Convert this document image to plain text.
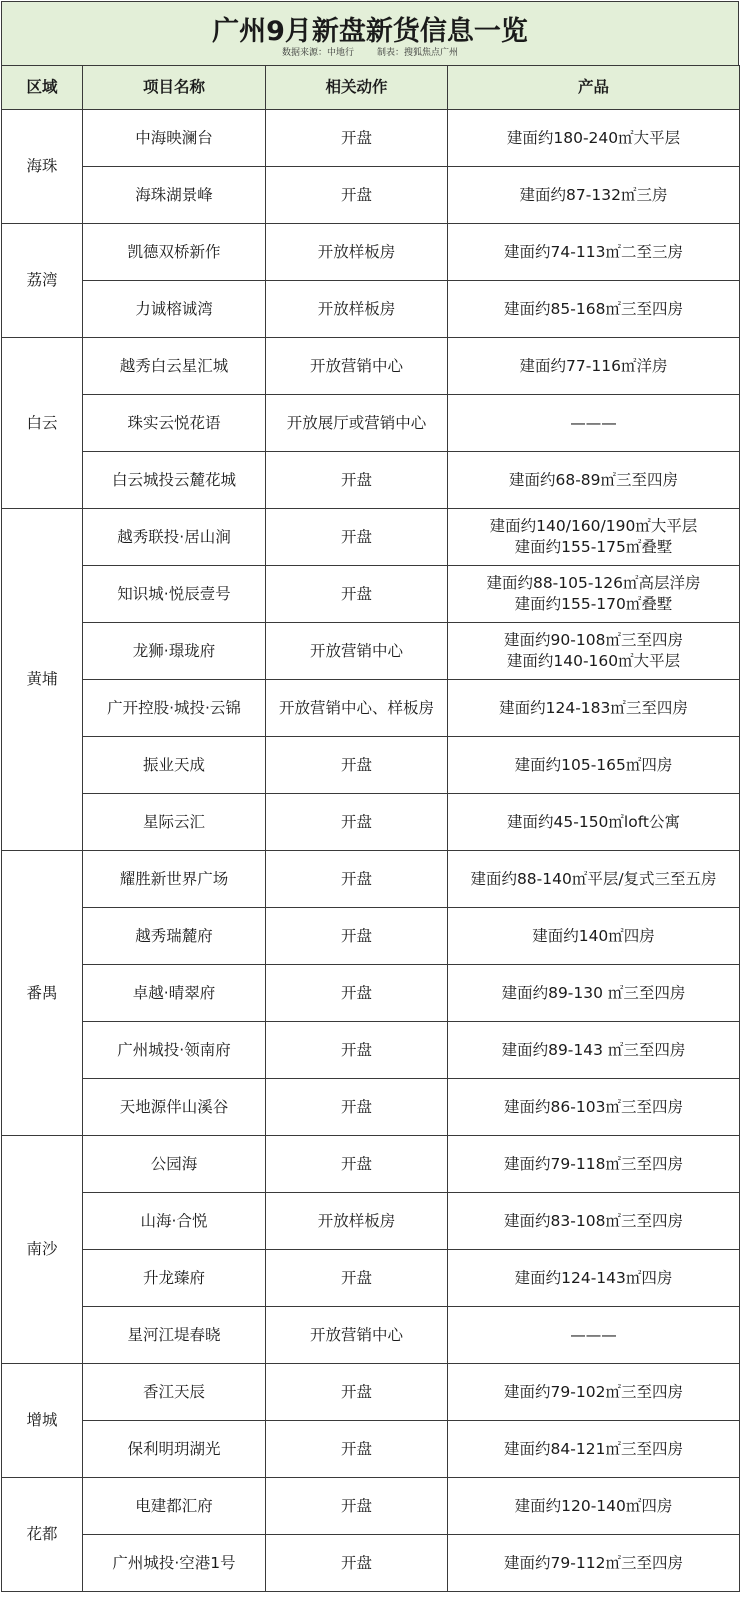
广州9月新盘新货信息一览
数据来源：中地行	制表：搜狐焦点广州
区域	项目名称	相关动作	产品
海珠	中海映澜台	开盘	建面约180-240㎡大平层

	海珠湖景峰	开盘	建面约87-132㎡三房

荔湾	凯德双桥新作	开放样板房	建面约74-113㎡二至三房

	力诚榕诚湾	开放样板房	建面约85-168㎡三至四房

白云	越秀白云星汇城	开放营销中心	建面约77-116㎡洋房

	珠实云悦花语	开放展厅或营销中心	———

	白云城投云麓花城	开盘	建面约68-89㎡三至四房

黄埔	越秀联投·居山涧	开盘	建面约140/160/190㎡大平层
建面约155-175㎡叠墅

	知识城·悦辰壹号	开盘	建面约88-105-126㎡高层洋房
建面约155-170㎡叠墅

	龙狮·璟珑府	开放营销中心	建面约90-108㎡三至四房
建面约140-160㎡大平层

	广开控股·城投·云锦	开放营销中心、样板房	建面约124-183㎡三至四房

	振业天成	开盘	建面约105-165㎡四房

	星际云汇	开盘	建面约45-150㎡loft公寓

番禺	耀胜新世界广场	开盘	建面约88-140㎡平层/复式三至五房

	越秀瑞麓府	开盘	建面约140㎡四房

	卓越·晴翠府	开盘	建面约89-130 ㎡三至四房

	广州城投·领南府	开盘	建面约89-143 ㎡三至四房

	天地源伴山溪谷	开盘	建面约86-103㎡三至四房

南沙	公园海	开盘	建面约79-118㎡三至四房

	山海·合悦	开放样板房	建面约83-108㎡三至四房

	升龙臻府	开盘	建面约124-143㎡四房

	星河江堤春晓	开放营销中心	———

增城	香江天辰	开盘	建面约79-102㎡三至四房

	保利明玥湖光	开盘	建面约84-121㎡三至四房

花都	电建都汇府	开盘	建面约120-140㎡四房

	广州城投·空港1号	开盘	建面约79-112㎡三至四房
